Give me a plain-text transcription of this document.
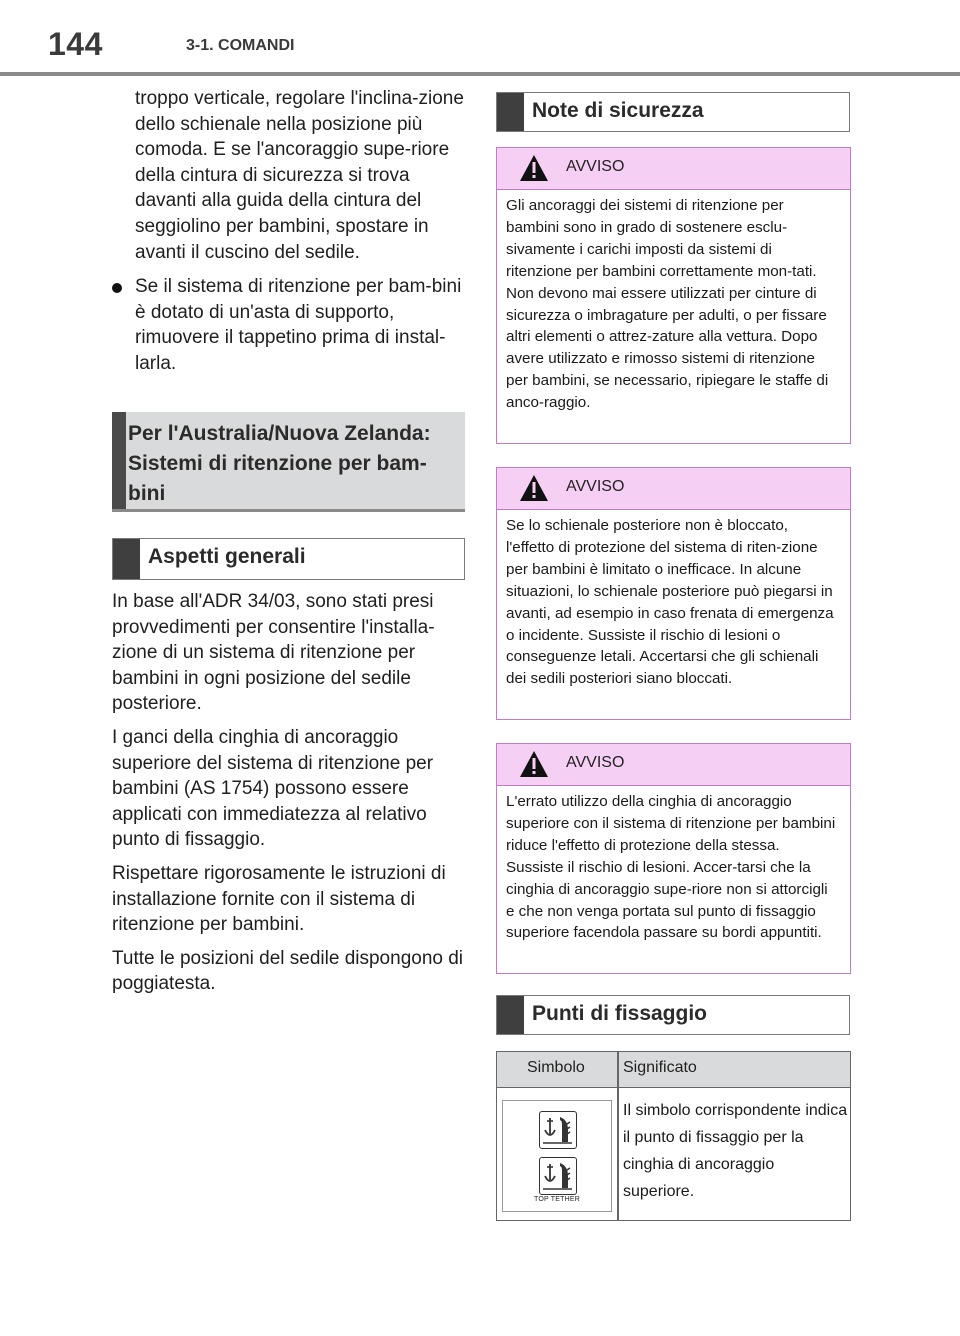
144	3-1. COMANDI

troppo verticale, regolare l'inclina-zione dello schienale nella posizione più comoda. E se l'ancoraggio supe-riore della cintura di sicurezza si trova davanti alla guida della cintura del seggiolino per bambini, spostare in avanti il cuscino del sedile.

Se il sistema di ritenzione per bam-bini è dotato di un'asta di supporto, rimuovere il tappetino prima di instal-larla.

Per l'Australia/Nuova Zelanda: Sistemi di ritenzione per bam-bini
Aspetti generali

In base all'ADR 34/03, sono stati presi provvedimenti per consentire l'installa-zione di un sistema di ritenzione per bambini in ogni posizione del sedile posteriore.

I ganci della cinghia di ancoraggio superiore del sistema di ritenzione per bambini (AS 1754) possono essere applicati con immediatezza al relativo punto di fissaggio.

Rispettare rigorosamente le istruzioni di installazione fornite con il sistema di ritenzione per bambini.

Tutte le posizioni del sedile dispongono di poggiatesta.

Note di sicurezza
AVVISO
Gli ancoraggi dei sistemi di ritenzione per bambini sono in grado di sostenere esclu-sivamente i carichi imposti da sistemi di ritenzione per bambini correttamente mon-tati. Non devono mai essere utilizzati per cinture di sicurezza o imbragature per adulti, o per fissare altri elementi o attrez-zature alla vettura. Dopo avere utilizzato e rimosso sistemi di ritenzione per bambini, se necessario, ripiegare le staffe di anco-raggio.
AVVISO
Se lo schienale posteriore non è bloccato, l'effetto di protezione del sistema di riten-zione per bambini è limitato o inefficace. In alcune situazioni, lo schienale posteriore può piegarsi in avanti, ad esempio in caso frenata di emergenza o incidente. Sussiste il rischio di lesioni o conseguenze letali. Accertarsi che gli schienali dei sedili posteriori siano bloccati.
AVVISO
L'errato utilizzo della cinghia di ancoraggio superiore con il sistema di ritenzione per bambini riduce l'effetto di protezione della stessa. Sussiste il rischio di lesioni. Accer-tarsi che la cinghia di ancoraggio supe-riore non si attorcigli e che non venga portata sul punto di fissaggio superiore facendola passare su bordi appuntiti.
Punti di fissaggio
Simbolo Significato
TOP TETHER
Il simbolo corrispondente indica il punto di fissaggio per la cinghia di ancoraggio superiore.
